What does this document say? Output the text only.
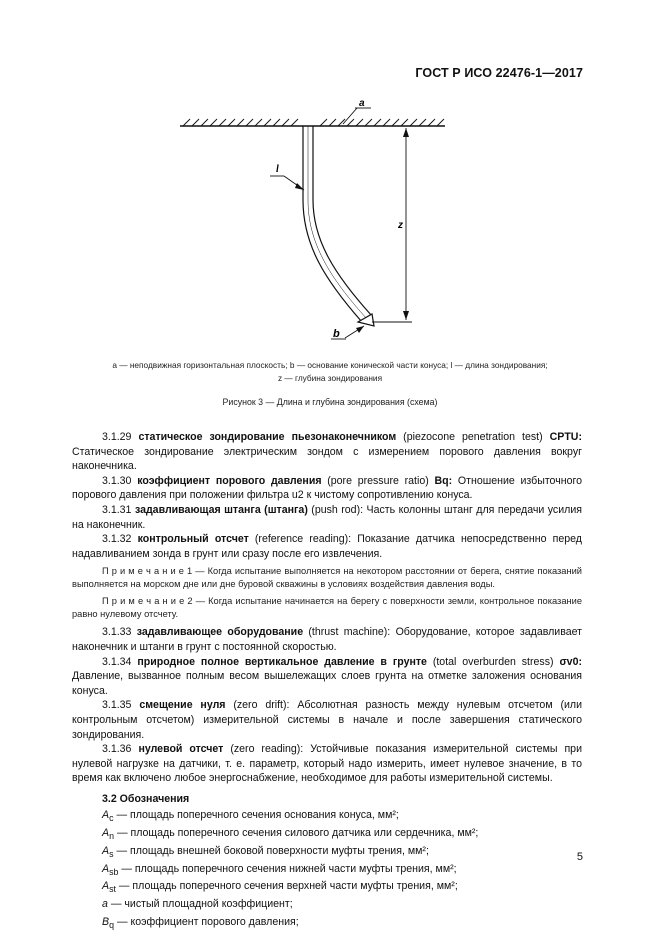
ГОСТ Р ИСО 22476-1—2017
a
l
z
b
a — неподвижная горизонтальная плоскость; b — основание конической части конуса; l — длина зондирования;
z — глубина зондирования
Рисунок 3 — Длина и глубина зондирования (схема)

3.1.29 статическое зондирование пьезонаконечником (piezocone penetration test) CPTU: Статическое зондирование электрическим зондом с измерением порового давления вокруг наконечника.

3.1.30 коэффициент порового давления (pore pressure ratio) Bq: Отношение избыточного порового давления при положении фильтра u2 к чистому сопротивлению конуса.

3.1.31 задавливающая штанга (штанга) (push rod): Часть колонны штанг для передачи усилия на наконечник.

3.1.32 контрольный отсчет (reference reading): Показание датчика непосредственно перед надавливанием зонда в грунт или сразу после его извлечения.

П р и м е ч а н и е 1 — Когда испытание выполняется на некотором расстоянии от берега, снятие показаний выполняется на морском дне или дне буровой скважины в условиях воздействия давления воды.

П р и м е ч а н и е 2 — Когда испытание начинается на берегу с поверхности земли, контрольное показание равно нулевому отсчету.

3.1.33 задавливающее оборудование (thrust machine): Оборудование, которое задавливает наконечник и штанги в грунт с постоянной скоростью.

3.1.34 природное полное вертикальное давление в грунте (total overburden stress) σv0: Давление, вызванное полным весом вышележащих слоев грунта на отметке заложения основания конуса.

3.1.35 смещение нуля (zero drift): Абсолютная разность между нулевым отсчетом (или контрольным отсчетом) измерительной системы в начале и после завершения статического зондирования.

3.1.36 нулевой отсчет (zero reading): Устойчивые показания измерительной системы при нулевой нагрузке на датчики, т. е. параметр, который надо измерить, имеет нулевое значение, в то время как включено любое энергоснабжение, необходимое для работы измерительной системы.

3.2 Обозначения

$A_c$ — площадь поперечного сечения основания конуса, мм²;

$A_n$ — площадь поперечного сечения силового датчика или сердечника, мм²;

$A_s$ — площадь внешней боковой поверхности муфты трения, мм²;

$A_{sb}$ — площадь поперечного сечения нижней части муфты трения, мм²;

$A_{st}$ — площадь поперечного сечения верхней части муфты трения, мм²;

a — чистый площадной коэффициент;

$B_q$ — коэффициент порового давления;

5
